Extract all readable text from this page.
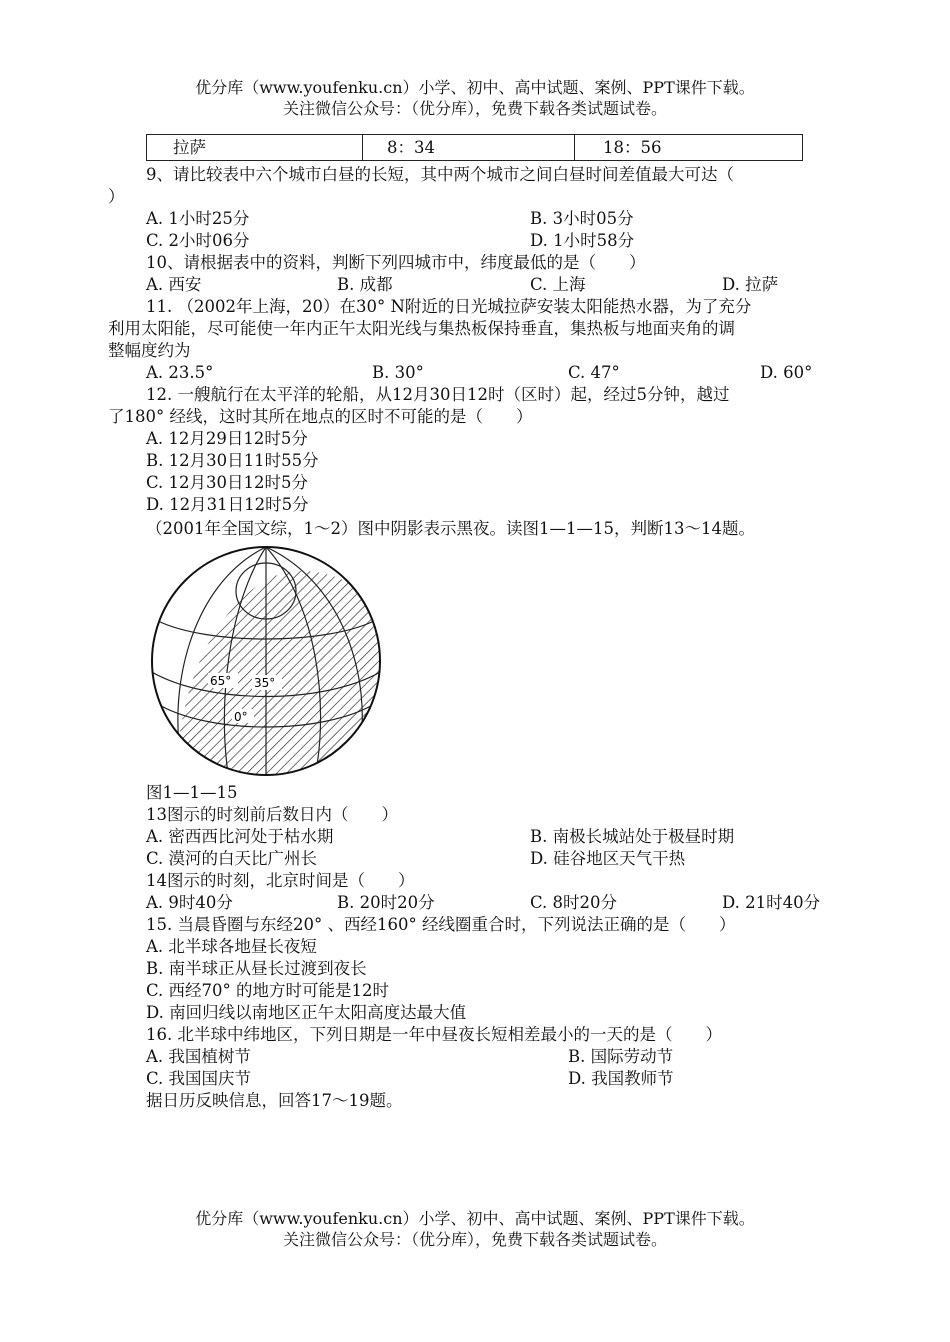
优分库（www.youfenku.cn）小学、初中、高中试题、案例、PPT课件下载。
关注微信公众号：（优分库），免费下载各类试题试卷。
拉萨	8：34	18：56
9、请比较表中六个城市白昼的长短，其中两个城市之间白昼时间差值最大可达（
）
A. 1小时25分	B. 3小时05分
C. 2小时06分	D. 1小时58分
10、请根据表中的资料，判断下列四城市中，纬度最低的是（　　）
A. 西安	B. 成都	C. 上海	D. 拉萨
11. （2002年上海，20）在30° N附近的日光城拉萨安装太阳能热水器，为了充分
利用太阳能，尽可能使一年内正午太阳光线与集热板保持垂直，集热板与地面夹角的调
整幅度约为
A. 23.5°	B. 30°	C. 47°	D. 60°
12. 一艘航行在太平洋的轮船，从12月30日12时（区时）起，经过5分钟，越过
了180° 经线，这时其所在地点的区时不可能的是（　　）
A. 12月29日12时5分
B. 12月30日11时55分
C. 12月30日12时5分
D. 12月31日12时5分
（2001年全国文综，1～2）图中阴影表示黑夜。读图1—1—15，判断13～14题。
65° 35°
0°
图1—1—15
13图示的时刻前后数日内（　　）
A. 密西西比河处于枯水期	B. 南极长城站处于极昼时期
C. 漠河的白天比广州长	D. 硅谷地区天气干热
14图示的时刻，北京时间是（　　）
A. 9时40分	B. 20时20分	C. 8时20分	D. 21时40分
15. 当晨昏圈与东经20° 、西经160° 经线圈重合时，下列说法正确的是（　　）
A. 北半球各地昼长夜短
B. 南半球正从昼长过渡到夜长
C. 西经70° 的地方时可能是12时
D. 南回归线以南地区正午太阳高度达最大值
16. 北半球中纬地区，下列日期是一年中昼夜长短相差最小的一天的是（　　）
A. 我国植树节	B. 国际劳动节
C. 我国国庆节	D. 我国教师节
据日历反映信息，回答17～19题。
优分库（www.youfenku.cn）小学、初中、高中试题、案例、PPT课件下载。
关注微信公众号：（优分库），免费下载各类试题试卷。
